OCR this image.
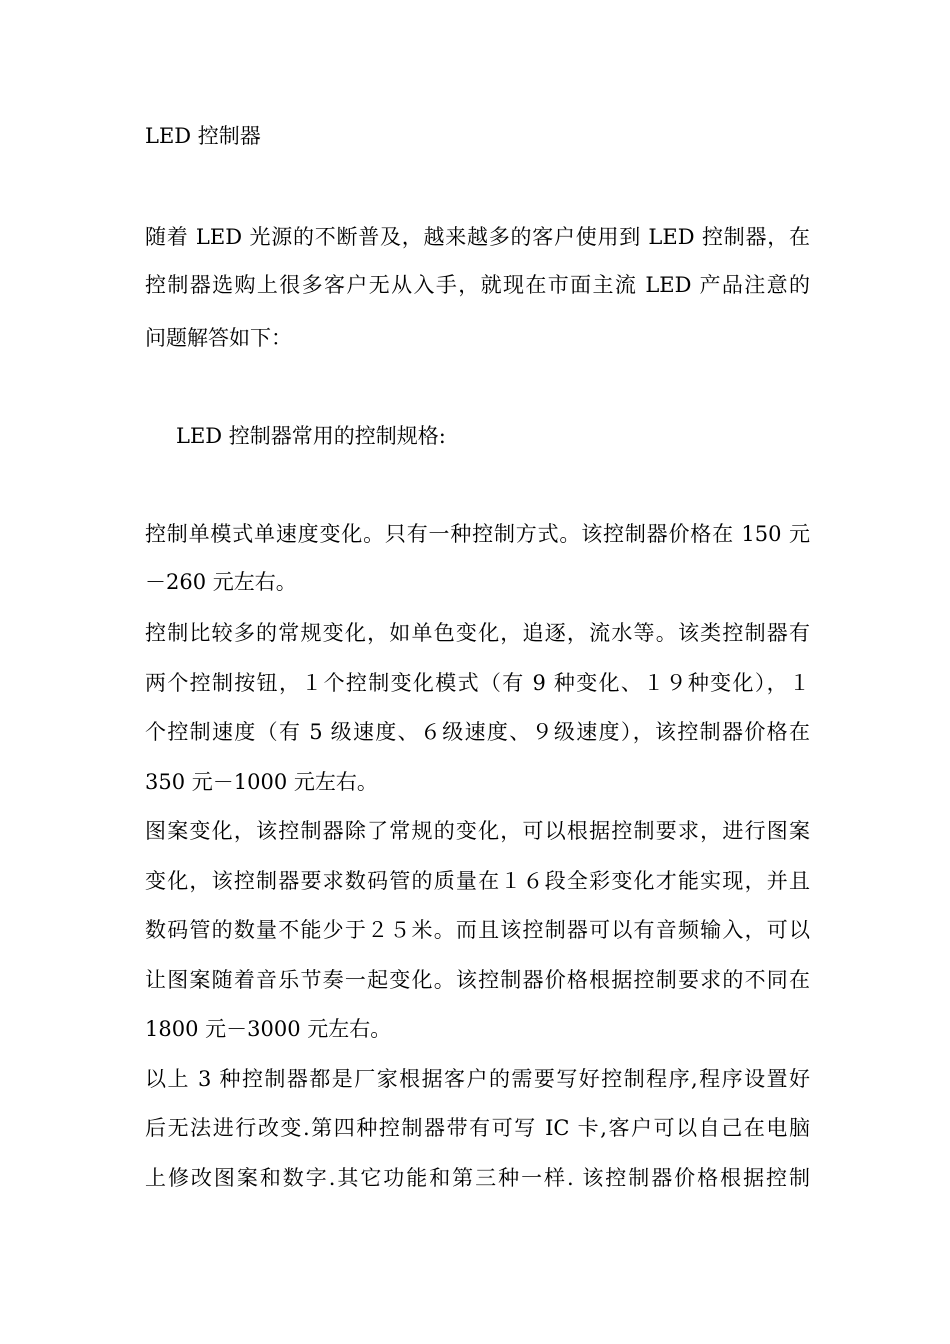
LED 控制器
随着 LED 光源的不断普及，越来越多的客户使用到 LED 控制器，在
控制器选购上很多客户无从入手，就现在市面主流 LED 产品注意的
问题解答如下：
LED 控制器常用的控制规格:
控制单模式单速度变化。只有一种控制方式。该控制器价格在 150 元
－260 元左右。
控制比较多的常规变化，如单色变化，追逐，流水等。该类控制器有
两个控制按钮，１个控制变化模式（有 9 种变化、１９种变化），１
个控制速度（有 5 级速度、６级速度、９级速度），该控制器价格在
350 元－1000 元左右。
图案变化，该控制器除了常规的变化，可以根据控制要求，进行图案
变化，该控制器要求数码管的质量在１６段全彩变化才能实现，并且
数码管的数量不能少于２５米。而且该控制器可以有音频输入，可以
让图案随着音乐节奏一起变化。该控制器价格根据控制要求的不同在
1800 元－3000 元左右。
以上 3 种控制器都是厂家根据客户的需要写好控制程序,程序设置好
后无法进行改变.第四种控制器带有可写 IC 卡,客户可以自己在电脑
上修改图案和数字.其它功能和第三种一样. 该控制器价格根据控制
